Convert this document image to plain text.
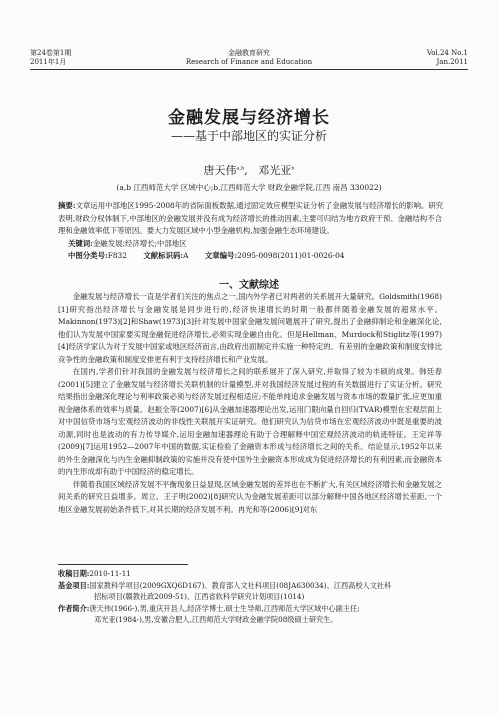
第24卷第1期
2011年1月
金融教育研究
Research of Finance and Education
Vol.24 No.1
Jan.2011
金融发展与经济增长
——基于中部地区的实证分析
唐天伟$^{a,b}$,   邓光亚$^b$
(a,b 江西师范大学 区域中心;b,江西师范大学 财政金融学院,江西 南昌 330022)
摘要:文章运用中部地区1995-2008年的省际面板数据,通过固定效应模型实证分析了金融发展与经济增长的影响。研究表明,财政分权体制下,中部地区的金融发展并没有成为经济增长的推动因素,主要可归结为地方政府干预、金融结构不合理和金融效率低下等原因。要大力发展区域中小型金融机构,加强金融生态环境建设。
关键词:金融发展;经济增长;中部地区
中图分类号:F832 文献标识码:A 文章编号:2095-0098(2011)01-0026-04
一、文献综述

金融发展与经济增长一直是学者们关注的焦点之一,国内外学者已对两者的关系展开大量研究。Goldsmith(1968)[1]研究指出经济增长与金融发展是同步进行的,经济快速增长的时期一般都伴随着金融发展的超常水平。Makinnon(1973)[2]和Shaw(1973)[3]针对发展中国家金融发展问题展开了研究,提出了金融抑制论和金融深化论,他们认为发展中国家要实现金融促进经济增长,必须实现金融自由化。但是Hellman、Murdock和Stiglitz等(1997)[4]经济学家认为对于发展中国家或地区经济而言,由政府出面制定并实施一种特定的、有差别的金融政策和制度安排比竞争性的金融政策和制度安排更有利于支持经济增长和产业发展。

在国内,学者们针对我国的金融发展与经济增长之间的联系展开了深入研究,并取得了较为丰硕的成果。韩廷春(2001)[5]建立了金融发展与经济增长关联机制的计量模型,并对我国经济发展过程的有关数据进行了实证分析。研究结果指出金融深化理论与利率政策必须与经济发展过程相适应;不能单纯追求金融发展与资本市场的数量扩张,应更加重视金融体系的效率与质量。赵振全等(2007)[6]从金融加速器理论出发,运用门限向量自回归(TVAR)模型在宏观层面上对中国信贷市场与宏观经济波动的非线性关联展开实证研究。他们研究认为信贷市场在宏观经济波动中既是重要的波动源,同时也是波动的有力传导媒介,运用金融加速器理论有助于合理解释中国宏观经济波动的轨迹特征。王定祥等(2009)[7]运用1952—2007年中国的数据,实证检验了金融资本形成与经济增长之间的关系。结论显示,1952年以来的外生金融深化与内生金融抑制政策的实施并没有使中国外生金融资本形成成为促进经济增长的有利因素,而金融资本的内生形成却有助于中国经济的稳定增长。

伴随着我国区域经济发展不平衡现象日益显现,区域金融发展的差异也在不断扩大,有关区域经济增长和金融发展之间关系的研究日益增多。周立、王子明(2002)[8]研究认为金融发展差距可以部分解释中国各地区经济增长差距,一个地区金融发展初始条件低下,对其长期的经济发展不利。冉光和等(2006)[9]对东

收稿日期:2010-11-11
基金项目:国家教科学项目(2009GXQ6D167)、教育部人文社科项目(08JA630034)、江西高校人文社科
招标项目(赣教社政2009-51)、江西省软科学研究计划项目(1014)
作者简介:唐天伟(1966-),男,重庆开县人,经济学博士,硕士生导师,江西师范大学区域中心副主任;
邓光亚(1984-),男,安徽合肥人,江西师范大学财政金融学院08级硕士研究生。
